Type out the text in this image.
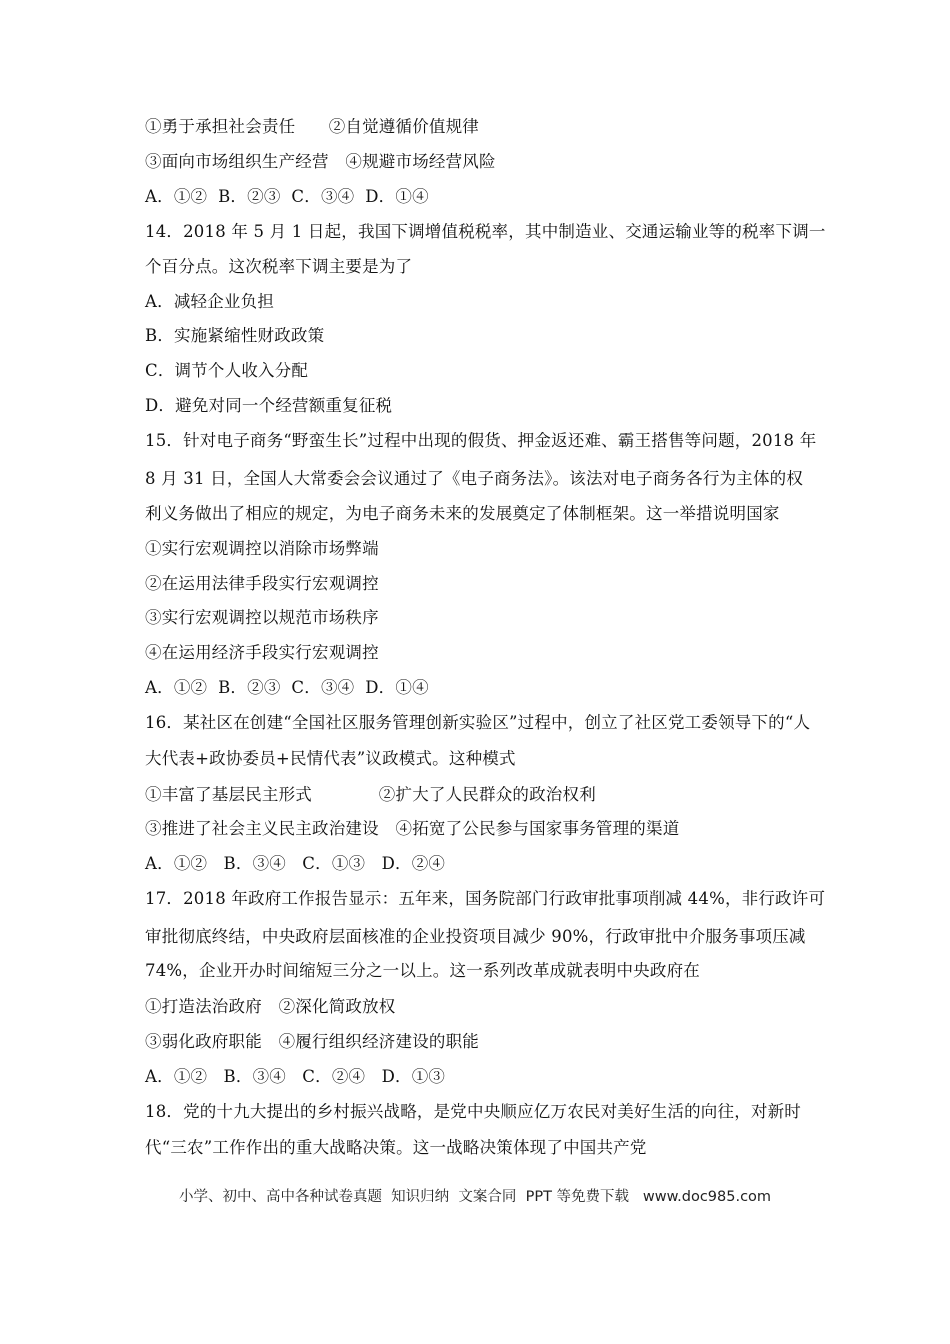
①勇于承担社会责任　　②自觉遵循价值规律
③面向市场组织生产经营　④规避市场经营风险
A．①②  B．②③  C．③④  D．①④
14．2018 年 5 月 1 日起，我国下调增值税税率，其中制造业、交通运输业等的税率下调一
个百分点。这次税率下调主要是为了
A．减轻企业负担
B．实施紧缩性财政政策
C．调节个人收入分配
D．避免对同一个经营额重复征税
15．针对电子商务“野蛮生长”过程中出现的假货、押金返还难、霸王搭售等问题，2018 年
8 月 31 日，全国人大常委会会议通过了《电子商务法》。该法对电子商务各行为主体的权
利义务做出了相应的规定，为电子商务未来的发展奠定了体制框架。这一举措说明国家
①实行宏观调控以消除市场弊端
②在运用法律手段实行宏观调控
③实行宏观调控以规范市场秩序
④在运用经济手段实行宏观调控
A．①②  B．②③  C．③④  D．①④
16．某社区在创建“全国社区服务管理创新实验区”过程中，创立了社区党工委领导下的“人
大代表+政协委员+民情代表”议政模式。这种模式
①丰富了基层民主形式　　　　②扩大了人民群众的政治权利
③推进了社会主义民主政治建设　④拓宽了公民参与国家事务管理的渠道
A．①②   B．③④   C．①③   D．②④
17．2018 年政府工作报告显示：五年来，国务院部门行政审批事项削减 44%，非行政许可
审批彻底终结，中央政府层面核准的企业投资项目减少 90%，行政审批中介服务事项压减
74%，企业开办时间缩短三分之一以上。这一系列改革成就表明中央政府在
①打造法治政府　②深化简政放权
③弱化政府职能　④履行组织经济建设的职能
A．①②   B．③④   C．②④   D．①③
18．党的十九大提出的乡村振兴战略，是党中央顺应亿万农民对美好生活的向往，对新时
代“三农”工作作出的重大战略决策。这一战略决策体现了中国共产党
小学、初中、高中各种试卷真题  知识归纳  文案合同  PPT 等免费下载   www.doc985.com
